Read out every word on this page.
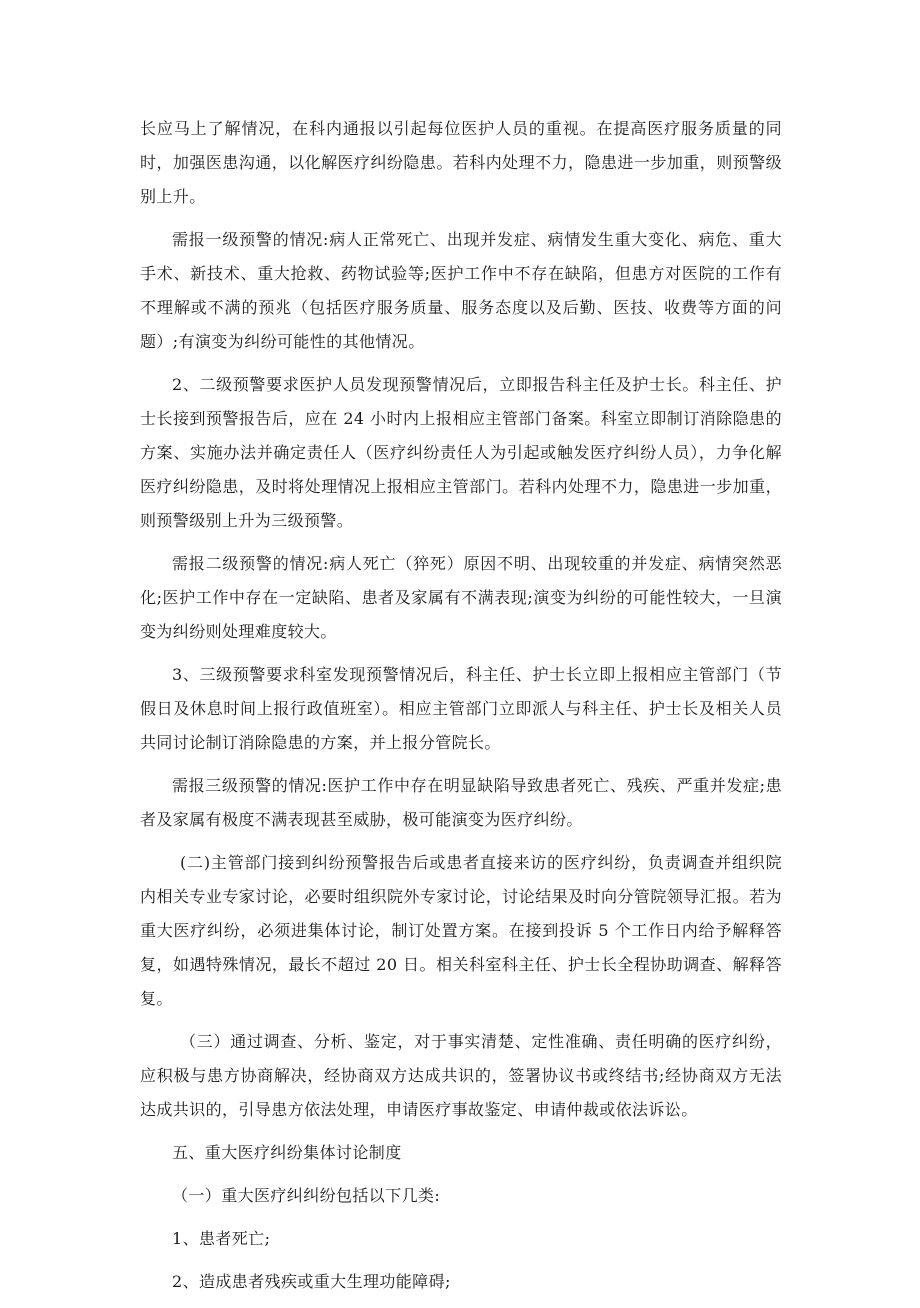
长应马上了解情况，在科内通报以引起每位医护人员的重视。在提高医疗服务质量的同时，加强医患沟通，以化解医疗纠纷隐患。若科内处理不力，隐患进一步加重，则预警级别上升。

需报一级预警的情况:病人正常死亡、出现并发症、病情发生重大变化、病危、重大手术、新技术、重大抢救、药物试验等;医护工作中不存在缺陷，但患方对医院的工作有不理解或不满的预兆（包括医疗服务质量、服务态度以及后勤、医技、收费等方面的问题）;有演变为纠纷可能性的其他情况。

2、二级预警要求医护人员发现预警情况后，立即报告科主任及护士长。科主任、护士长接到预警报告后，应在 24 小时内上报相应主管部门备案。科室立即制订消除隐患的方案、实施办法并确定责任人（医疗纠纷责任人为引起或触发医疗纠纷人员），力争化解医疗纠纷隐患，及时将处理情况上报相应主管部门。若科内处理不力，隐患进一步加重，则预警级别上升为三级预警。

需报二级预警的情况:病人死亡（猝死）原因不明、出现较重的并发症、病情突然恶化;医护工作中存在一定缺陷、患者及家属有不满表现;演变为纠纷的可能性较大，一旦演变为纠纷则处理难度较大。

3、三级预警要求科室发现预警情况后，科主任、护士长立即上报相应主管部门（节假日及休息时间上报行政值班室）。相应主管部门立即派人与科主任、护士长及相关人员共同讨论制订消除隐患的方案，并上报分管院长。

需报三级预警的情况:医护工作中存在明显缺陷导致患者死亡、残疾、严重并发症;患者及家属有极度不满表现甚至威胁，极可能演变为医疗纠纷。

(二)主管部门接到纠纷预警报告后或患者直接来访的医疗纠纷，负责调查并组织院内相关专业专家讨论，必要时组织院外专家讨论，讨论结果及时向分管院领导汇报。若为重大医疗纠纷，必须进集体讨论，制订处置方案。在接到投诉 5 个工作日内给予解释答复，如遇特殊情况，最长不超过 20 日。相关科室科主任、护士长全程协助调查、解释答复。

（三）通过调查、分析、鉴定，对于事实清楚、定性准确、责任明确的医疗纠纷，应积极与患方协商解决，经协商双方达成共识的，签署协议书或终结书;经协商双方无法达成共识的，引导患方依法处理，申请医疗事故鉴定、申请仲裁或依法诉讼。

五、重大医疗纠纷集体讨论制度

（一）重大医疗纠纠纷包括以下几类:

1、患者死亡;

2、造成患者残疾或重大生理功能障碍;
